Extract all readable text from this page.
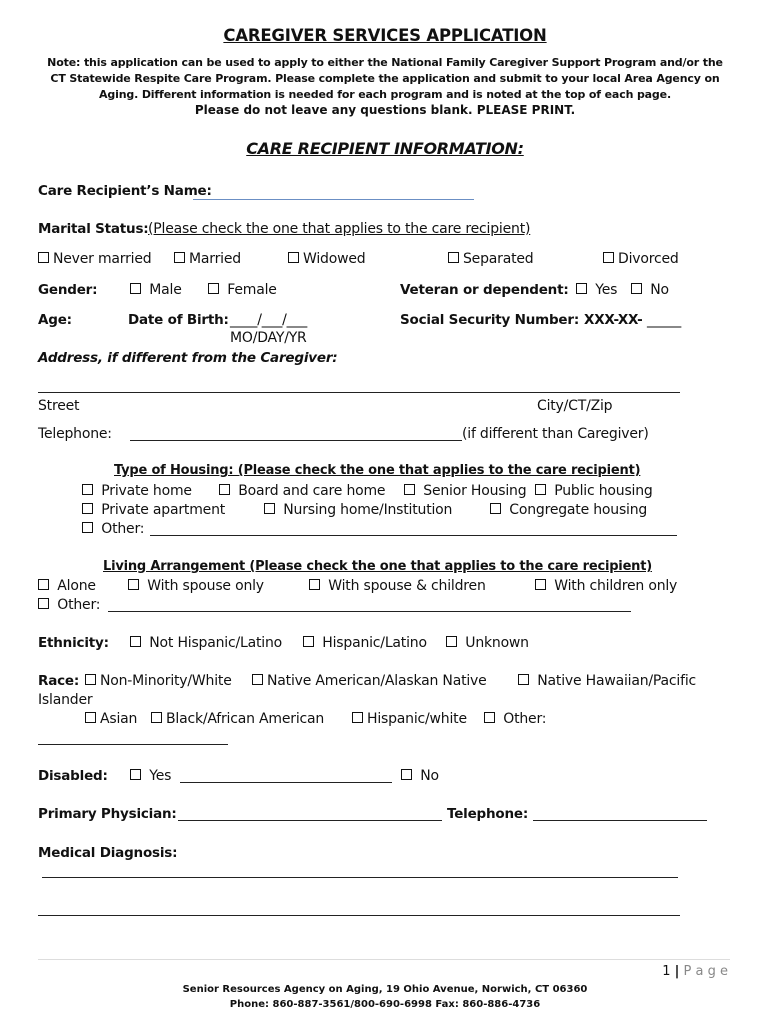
CAREGIVER SERVICES APPLICATION
Note: this application can be used to apply to either the National Family Caregiver Support Program and/or the CT Statewide Respite Care Program. Please complete the application and submit to your local Area Agency on Aging. Different information is needed for each program and is noted at the top of each page.
Please do not leave any questions blank. PLEASE PRINT.
CARE RECIPIENT INFORMATION:
Care Recipient’s Name:
Marital Status: (Please check the one that applies to the care recipient)
Never married	Married	Widowed	Separated	Divorced
Gender:	Male	Female	Veteran or dependent:	Yes	No
Age:	Date of Birth: ____/___/___
MO/DAY/YR
Social Security Number: XXX-XX- _____
Address, if different from the Caregiver:
Street	City/CT/Zip
Telephone:	(if different than Caregiver)
Type of Housing: (Please check the one that applies to the care recipient)
Private home	Board and care home	Senior Housing	Public housing
Private apartment	Nursing home/Institution	Congregate housing
Other:
Living Arrangement (Please check the one that applies to the care recipient)
Alone	With spouse only	With spouse & children	With children only
Other:
Ethnicity:	Not Hispanic/Latino	Hispanic/Latino	Unknown
Race:	Non-Minority/White	Native American/Alaskan Native	Native Hawaiian/Pacific
Islander
Asian	Black/African American	Hispanic/white	Other:
Disabled:	Yes	No
Primary Physician:	Telephone:
Medical Diagnosis:
1 | P a g e
Senior Resources Agency on Aging, 19 Ohio Avenue, Norwich, CT 06360
Phone: 860-887-3561/800-690-6998 Fax: 860-886-4736
